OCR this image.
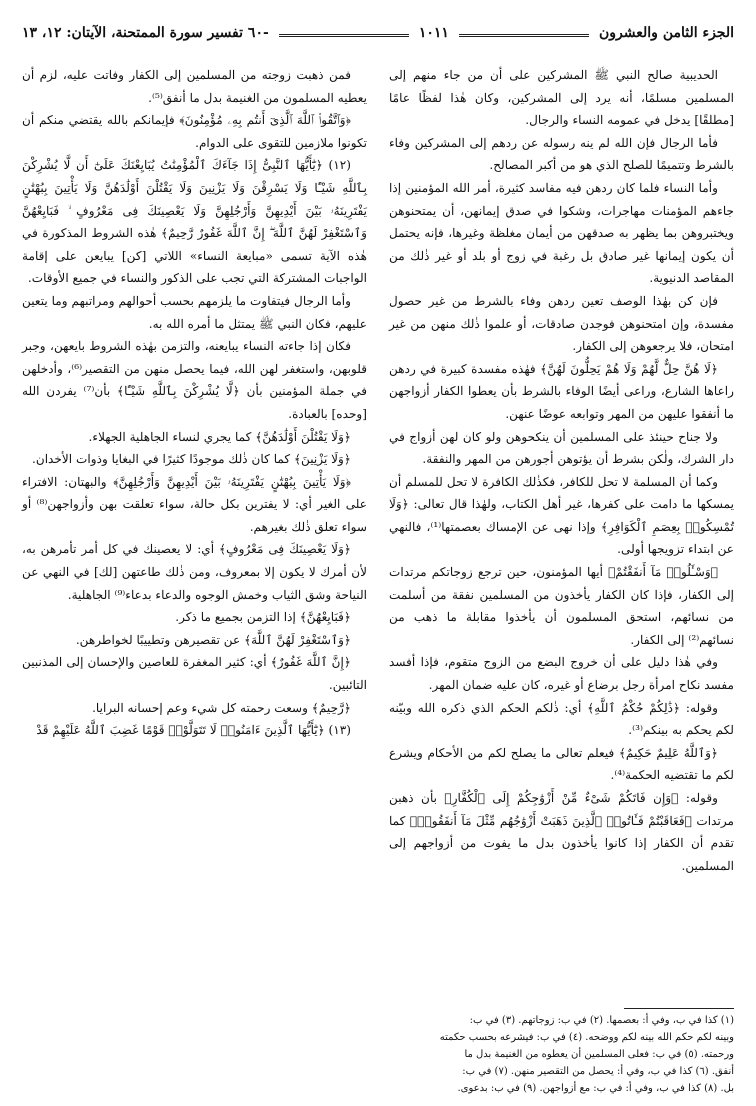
الجزء الثامن والعشرون
١٠١١
-٦٠ تفسير سورة الممتحنة، الآيتان: ١٢، ١٣

الحديبية صالح النبي ﷺ المشركين على أن من جاء منهم إلى المسلمين مسلمًا، أنه يرد إلى المشركين، وكان هٰذا لفظًا عامًا [مطلقًا] يدخل في عمومه النساء والرجال.

فأما الرجال فإن الله لم ينه رسوله عن ردهم إلى المشركين وفاء بالشرط وتتميمًا للصلح الذي هو من أكبر المصالح.

وأما النساء فلما كان ردهن فيه مفاسد كثيرة، أمر الله المؤمنين إذا جاءهم المؤمنات مهاجرات، وشكوا في صدق إيمانهن، أن يمتحنوهن ويختبروهن بما يظهر به صدقهن من أيمان مغلظة وغيرها، فإنه يحتمل أن يكون إيمانها غير صادق بل رغبة في زوج أو بلد أو غير ذٰلك من المقاصد الدنيوية.

فإن كن بهٰذا الوصف تعين ردهن وفاء بالشرط من غير حصول مفسدة، وإن امتحنوهن فوجدن صادقات، أو علموا ذٰلك منهن من غير امتحان، فلا يرجعوهن إلى الكفار.

﴿لَا هُنَّ حِلٌّ لَّهُمْ وَلَا هُمْ يَحِلُّونَ لَهُنَّ﴾ فهٰذه مفسدة كبيرة في ردهن راعاها الشارع، وراعى أيضًا الوفاء بالشرط بأن يعطوا الكفار أزواجهن ما أنفقوا عليهن من المهر وتوابعه عوضًا عنهن.

ولا جناح حينئذ على المسلمين أن ينكحوهن ولو كان لهن أزواج في دار الشرك، ولٰكن بشرط أن يؤتوهن أجورهن من المهر والنفقة.

وكما أن المسلمة لا تحل للكافر، فكذٰلك الكافرة لا تحل للمسلم أن يمسكها ما دامت على كفرها، غير أهل الكتاب، ولهٰذا قال تعالى: ﴿وَلَا تُمْسِكُوا۟ بِعِصَمِ ٱلْكَوَافِرِ﴾ وإذا نهى عن الإمساك بعصمتها⁽¹⁾، فالنهي عن ابتداء تزويجها أولى.

﴿وَسْـَٔلُوا۟ مَآ أَنفَقْتُمْ﴾ أيها المؤمنون، حين ترجع زوجاتكم مرتدات إلى الكفار، فإذا كان الكفار يأخذون من المسلمين نفقة من أسلمت من نسائهم، استحق المسلمون أن يأخذوا مقابلة ما ذهب من نسائهم⁽²⁾ إلى الكفار.

وفي هٰذا دليل على أن خروج البضع من الزوج متقوم، فإذا أفسد مفسد نكاح امرأة رجل برضاع أو غيره، كان عليه ضمان المهر.

وقوله: ﴿ذَٰلِكُمْ حُكْمُ ٱللَّهِ﴾ أي: ذٰلكم الحكم الذي ذكره الله وبيّنه لكم يحكم به بينكم⁽³⁾.

﴿وَٱللَّهُ عَلِيمٌ حَكِيمٌ﴾ فيعلم تعالى ما يصلح لكم من الأحكام ويشرع لكم ما تقتضيه الحكمة⁽⁴⁾.

وقوله: ﴿وَإِن فَاتَكُمْ شَىْءٌ مِّنْ أَزْوَٰجِكُمْ إِلَى ٱلْكُفَّارِ﴾ بأن ذهبن مرتدات ﴿فَعَاقَبْتُمْ فَـَٔاتُوا۟ ٱلَّذِينَ ذَهَبَتْ أَزْوَٰجُهُم مِّثْلَ مَآ أَنفَقُوا۟﴾ كما تقدم أن الكفار إذا كانوا يأخذون بدل ما يفوت من أزواجهم إلى المسلمين.

فمن ذهبت زوجته من المسلمين إلى الكفار وفاتت عليه، لزم أن يعطيه المسلمون من الغنيمة بدل ما أنفق⁽⁵⁾.

﴿وَٱتَّقُوا۟ ٱللَّهَ ٱلَّذِىٓ أَنتُم بِهِۦ مُؤْمِنُونَ﴾ فإيمانكم بالله يقتضي منكم أن تكونوا ملازمين للتقوى على الدوام.

(١٢) ﴿يَٰٓأَيُّهَا ٱلنَّبِىُّ إِذَا جَآءَكَ ٱلْمُؤْمِنَٰتُ يُبَايِعْنَكَ عَلَىٰٓ أَن لَّا يُشْرِكْنَ بِٱللَّهِ شَيْـًٔا وَلَا يَسْرِقْنَ وَلَا يَزْنِينَ وَلَا يَقْتُلْنَ أَوْلَٰدَهُنَّ وَلَا يَأْتِينَ بِبُهْتَٰنٍ يَفْتَرِينَهُۥ بَيْنَ أَيْدِيهِنَّ وَأَرْجُلِهِنَّ وَلَا يَعْصِينَكَ فِى مَعْرُوفٍ ۙ فَبَايِعْهُنَّ وَٱسْتَغْفِرْ لَهُنَّ ٱللَّهَ ۖ إِنَّ ٱللَّهَ غَفُورٌ رَّحِيمٌ﴾ هٰذه الشروط المذكورة في هٰذه الآية تسمى «مبايعة النساء» اللاتي [كن] يبايعن على إقامة الواجبات المشتركة التي تجب على الذكور والنساء في جميع الأوقات.

وأما الرجال فيتفاوت ما يلزمهم بحسب أحوالهم ومراتبهم وما يتعين عليهم، فكان النبي ﷺ يمتثل ما أمره الله به.

فكان إذا جاءته النساء يبايعنه، والتزمن بهٰذه الشروط بايعهن، وجبر قلوبهن، واستغفر لهن الله، فيما يحصل منهن من التقصير⁽⁶⁾، وأدخلهن في جملة المؤمنين بأن ﴿لَّا يُشْرِكْنَ بِٱللَّهِ شَيْـًٔا﴾ بأن⁽⁷⁾ يفردن الله [وحده] بالعبادة.

﴿وَلَا يَقْتُلْنَ أَوْلَٰدَهُنَّ﴾ كما يجري لنساء الجاهلية الجهلاء.

﴿وَلَا يَزْنِينَ﴾ كما كان ذٰلك موجودًا كثيرًا في البغايا وذوات الأخدان.

﴿وَلَا يَأْتِينَ بِبُهْتَٰنٍ يَفْتَرِينَهُۥ بَيْنَ أَيْدِيهِنَّ وَأَرْجُلِهِنَّ﴾ والبهتان: الافتراء على الغير أي: لا يفترين بكل حالة، سواء تعلقت بهن وأزواجهن⁽⁸⁾ أو سواء تعلق ذٰلك بغيرهم.

﴿وَلَا يَعْصِينَكَ فِى مَعْرُوفٍ﴾ أي: لا يعصينك في كل أمر تأمرهن به، لأن أمرك لا يكون إلا بمعروف، ومن ذٰلك طاعتهن [لك] في النهي عن النياحة وشق الثياب وخمش الوجوه والدعاء بدعاء⁽⁹⁾ الجاهلية.

﴿فَبَايِعْهُنَّ﴾ إذا التزمن بجميع ما ذكر.

﴿وَٱسْتَغْفِرْ لَهُنَّ ٱللَّهَ﴾ عن تقصيرهن وتطييبًا لخواطرهن.

﴿إِنَّ ٱللَّهَ غَفُورٌ﴾ أي: كثير المغفرة للعاصين والإحسان إلى المذنبين التائبين.

﴿رَّحِيمٌ﴾ وسعت رحمته كل شيء وعم إحسانه البرايا.

(١٣) ﴿يَٰٓأَيُّهَا ٱلَّذِينَ ءَامَنُوا۟ لَا تَتَوَلَّوْا۟ قَوْمًا غَضِبَ ٱللَّهُ عَلَيْهِمْ قَدْ

(١) كذا في ب، وفي أ: بعصمها. (٢) في ب: زوجاتهم. (٣) في ب:
وبينه لكم حكم الله بينه لكم ووضحه. (٤) في ب: فيشرعه بحسب حكمته
ورحمته. (٥) في ب: فعلى المسلمين أن يعطوه من الغنيمة بدل ما
أنفق. (٦) كذا في ب، وفي أ: يحصل من التقصير منهن. (٧) في ب:
بل. (٨) كذا في ب، وفي أ: في ب: مع أزواجهن. (٩) في ب: بدعوى.
